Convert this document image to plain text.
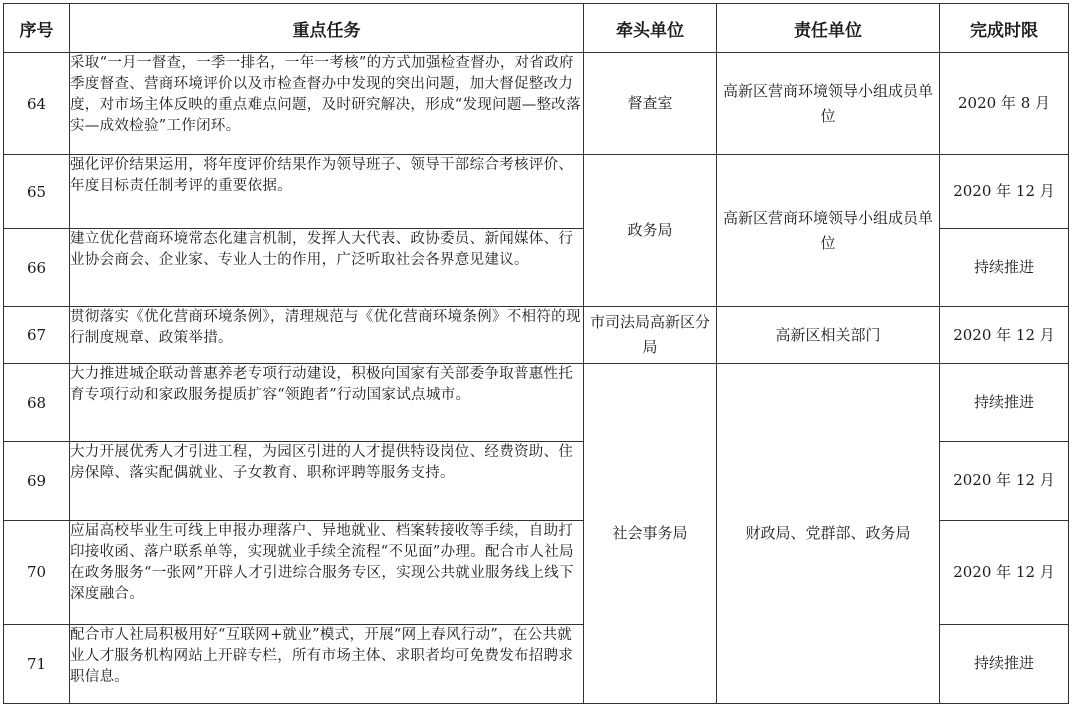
序号	重点任务	牵头单位	责任单位	完成时限
64	采取“一月一督查，一季一排名，一年一考核”的方式加强检查督办，对省政府季度督查、营商环境评价以及市检查督办中发现的突出问题，加大督促整改力度，对市场主体反映的重点难点问题，及时研究解决，形成“发现问题—整改落实—成效检验”工作闭环。	督查室	高新区营商环境领导小组成员单位	2020 年 8 月
65	强化评价结果运用，将年度评价结果作为领导班子、领导干部综合考核评价、年度目标责任制考评的重要依据。	政务局	高新区营商环境领导小组成员单位	2020 年 12 月
66	建立优化营商环境常态化建言机制，发挥人大代表、政协委员、新闻媒体、行业协会商会、企业家、专业人士的作用，广泛听取社会各界意见建议。			持续推进
67	贯彻落实《优化营商环境条例》，清理规范与《优化营商环境条例》不相符的现行制度规章、政策举措。	市司法局高新区分局	高新区相关部门	2020 年 12 月
68	大力推进城企联动普惠养老专项行动建设，积极向国家有关部委争取普惠性托育专项行动和家政服务提质扩容“领跑者”行动国家试点城市。	社会事务局	财政局、党群部、政务局	持续推进
69	大力开展优秀人才引进工程，为园区引进的人才提供特设岗位、经费资助、住房保障、落实配偶就业、子女教育、职称评聘等服务支持。			2020 年 12 月
70	应届高校毕业生可线上申报办理落户、异地就业、档案转接收等手续，自助打印接收函、落户联系单等，实现就业手续全流程“不见面”办理。配合市人社局在政务服务“一张网”开辟人才引进综合服务专区，实现公共就业服务线上线下深度融合。			2020 年 12 月
71	配合市人社局积极用好“互联网+就业”模式，开展“网上春风行动”，在公共就业人才服务机构网站上开辟专栏，所有市场主体、求职者均可免费发布招聘求职信息。			持续推进
